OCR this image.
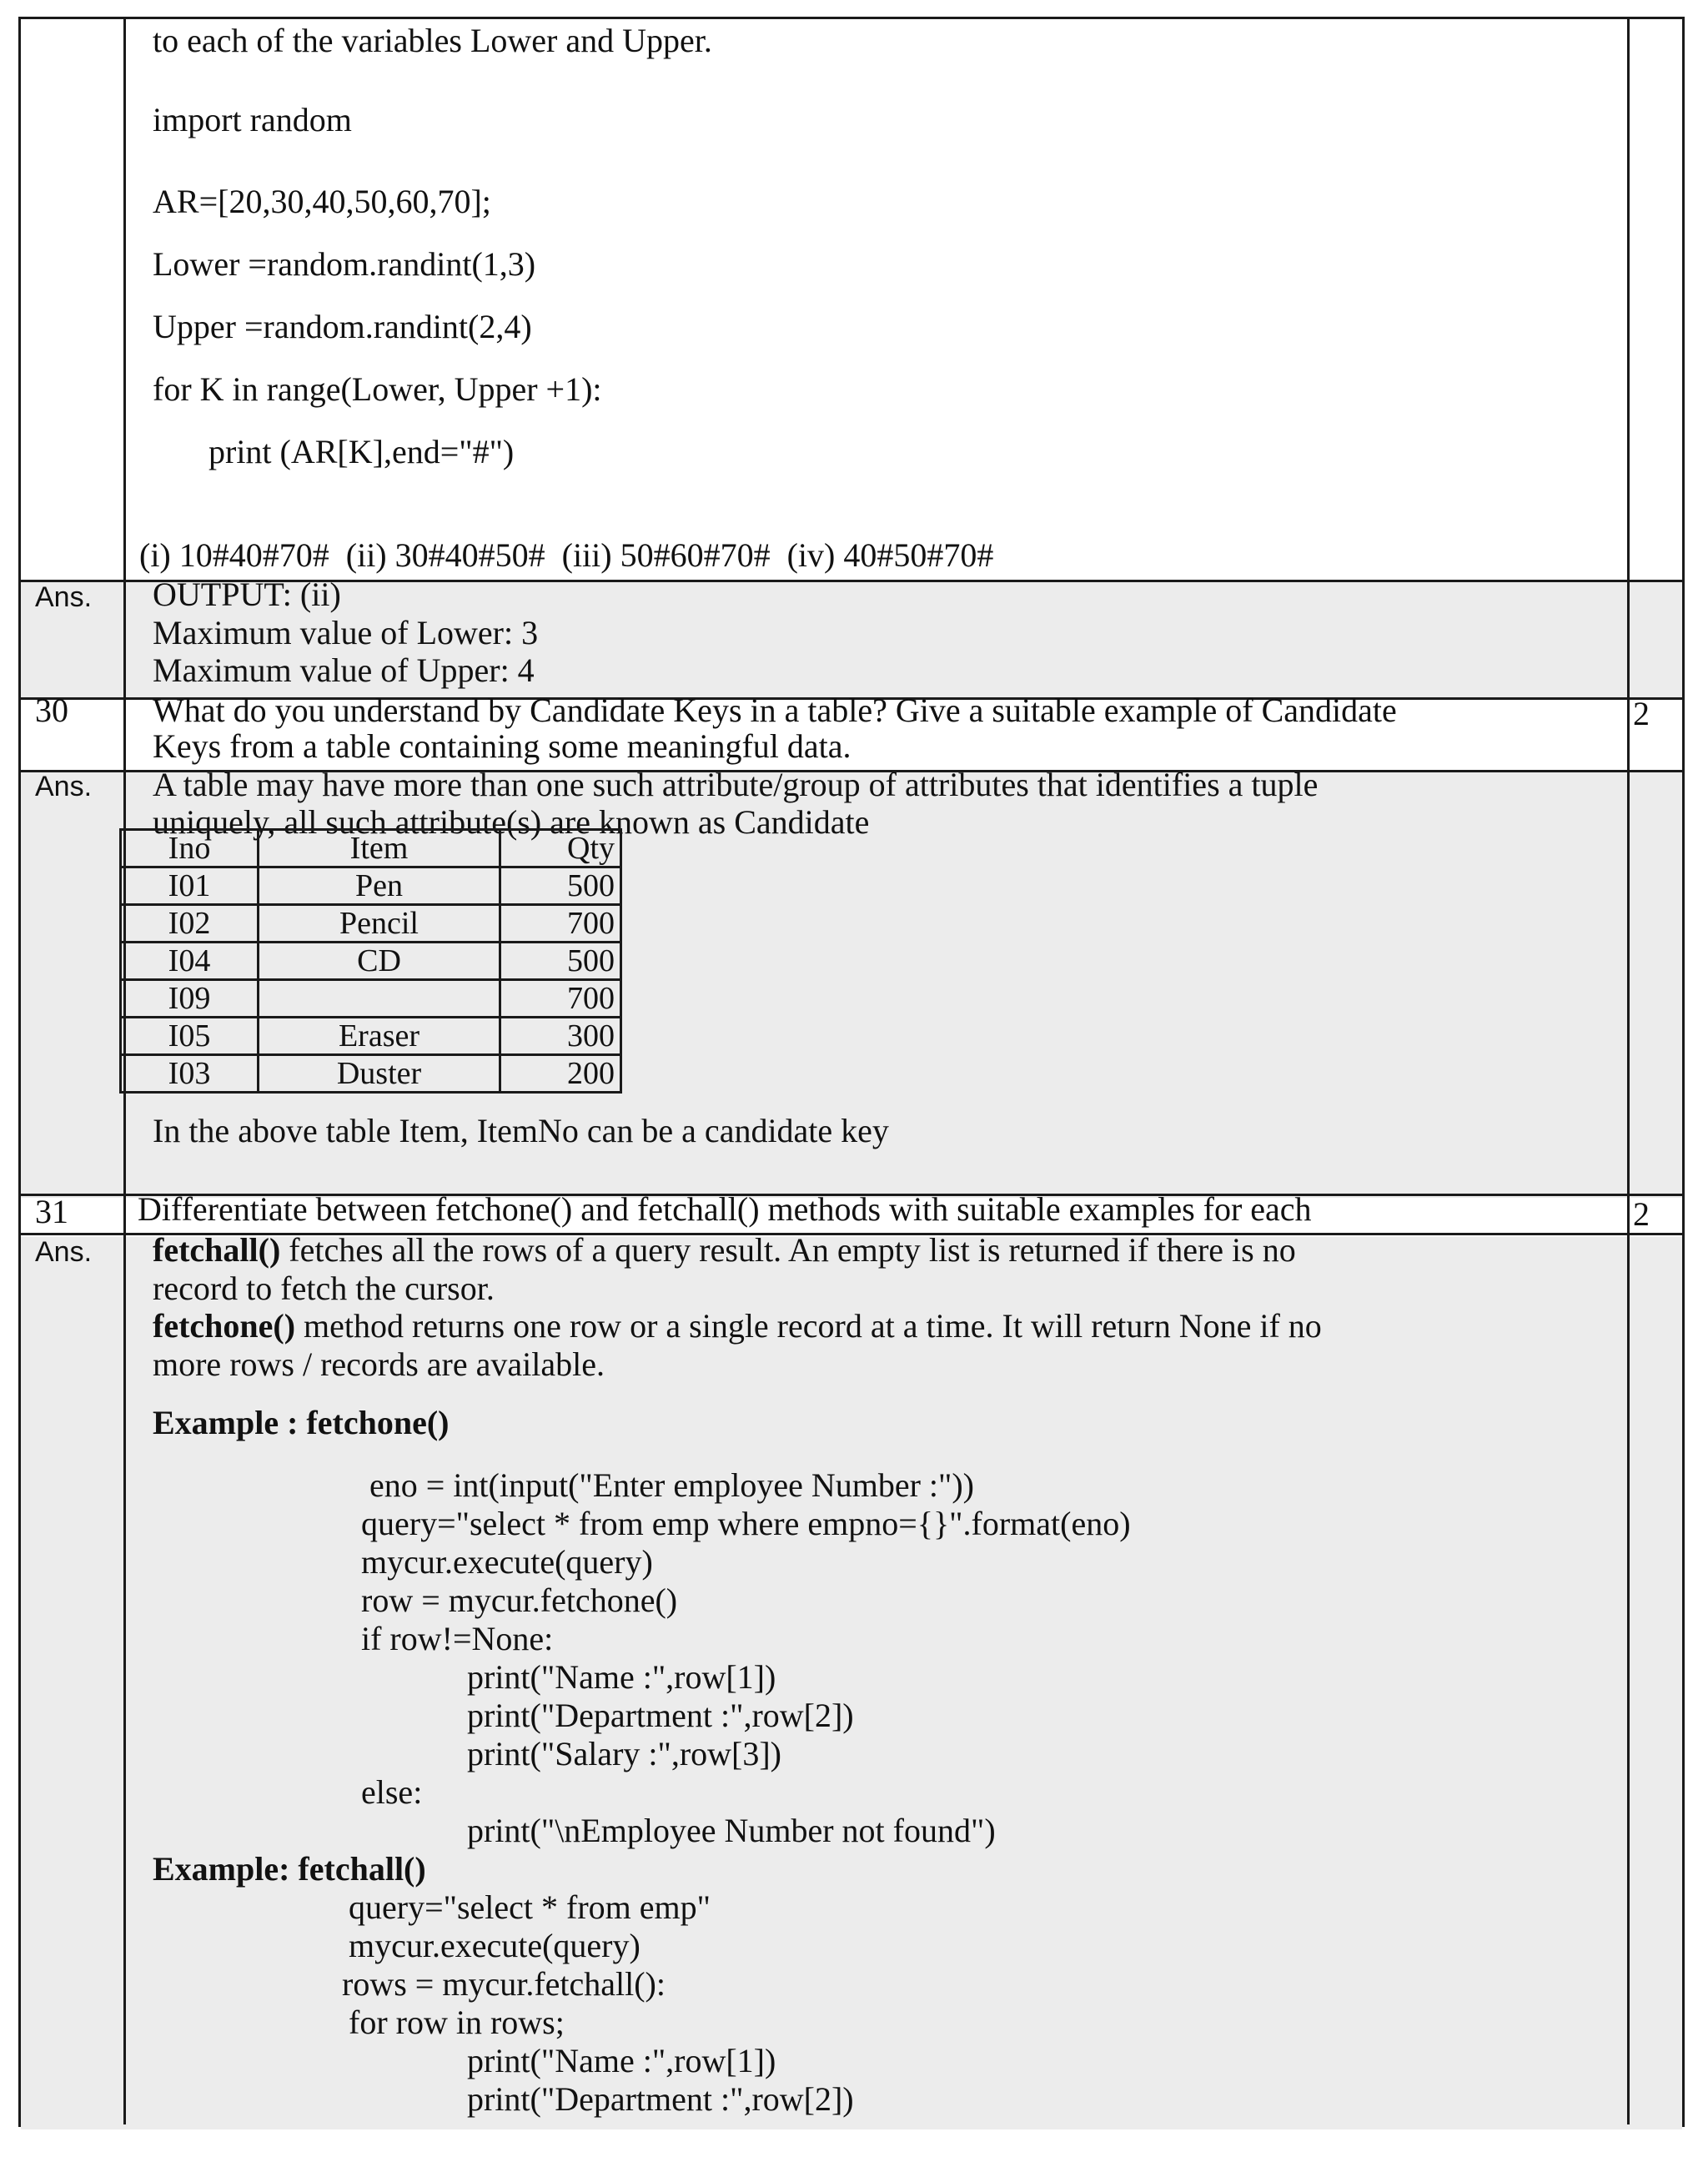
to each of the variables Lower and Upper.
import random
AR=[20,30,40,50,60,70];
Lower =random.randint(1,3)
Upper =random.randint(2,4)
for K in range(Lower, Upper +1):
print (AR[K],end="#")
(i) 10#40#70#  (ii) 30#40#50#  (iii) 50#60#70#  (iv) 40#50#70#
Ans. OUTPUT: (ii)
Maximum value of Lower: 3
Maximum value of Upper: 4
30	What do you understand by Candidate Keys in a table? Give a suitable example of Candidate
Keys from a table containing some meaningful data.
2
Ans. A table may have more than one such attribute/group of attributes that identifies a tuple
uniquely, all such attribute(s) are known as Candidate
Ino	Item	Qty
I01	Pen	500
I02	Pencil	700
I04	CD	500
I09		700
I05	Eraser	300
I03	Duster	200
In the above table Item, ItemNo can be a candidate key
31 Differentiate between fetchone() and fetchall() methods with suitable examples for each	2
Ans. fetchall() fetches all the rows of a query result. An empty list is returned if there is no
record to fetch the cursor.
fetchone() method returns one row or a single record at a time. It will return None if no
more rows / records are available.
Example : fetchone()
eno = int(input("Enter employee Number :"))
query="select * from emp where empno={}".format(eno)
mycur.execute(query)
row = mycur.fetchone()
if row!=None:
print("Name :",row[1])
print("Department :",row[2])
print("Salary :",row[3])
else:
print("\nEmployee Number not found")
Example: fetchall()
query="select * from emp"
mycur.execute(query)
rows = mycur.fetchall():
for row in rows;
print("Name :",row[1])
print("Department :",row[2])
